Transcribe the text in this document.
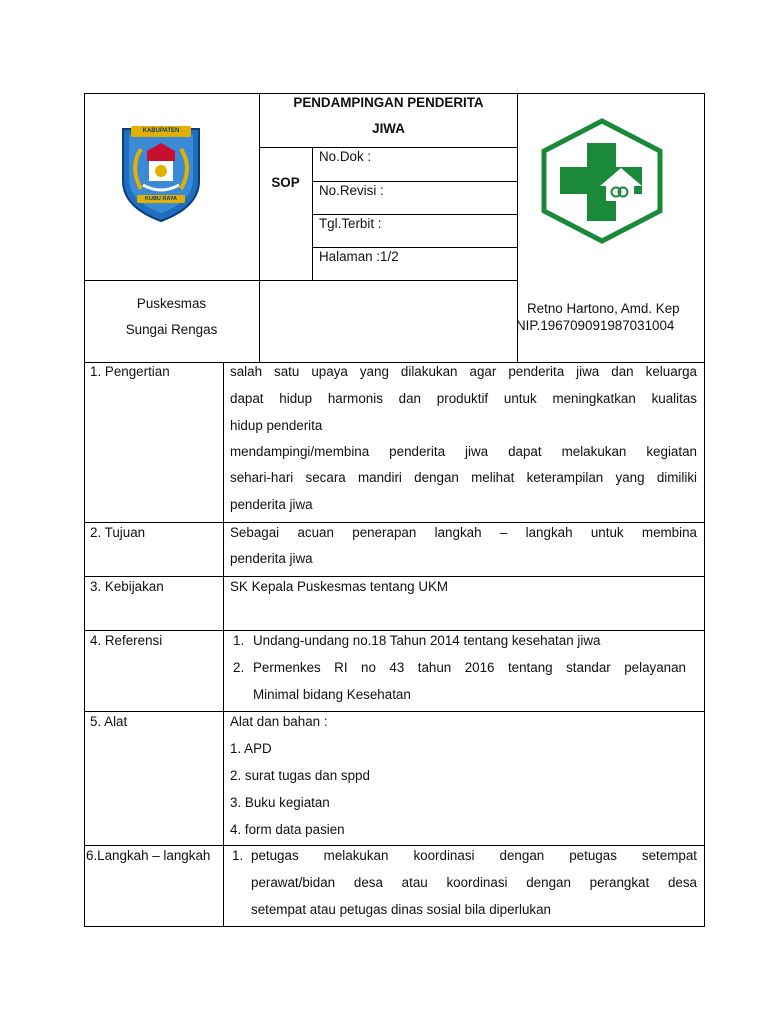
KABUPATEN
KUBU RAYA
PENDAMPINGAN PENDERITA
JIWA
SOP
No.Dok :
No.Revisi :
Tgl.Terbit :
Halaman :1/2
Puskesmas
Sungai Rengas
Retno Hartono, Amd. Kep
NIP.196709091987031004
1. Pengertian	salah satu upaya yang dilakukan agar penderita jiwa dan keluarga
dapat hidup harmonis dan produktif untuk meningkatkan kualitas
hidup penderita
mendampingi/membina penderita jiwa dapat melakukan kegiatan
sehari-hari secara mandiri dengan melihat keterampilan yang dimiliki
penderita jiwa
2. Tujuan	Sebagai acuan penerapan langkah – langkah untuk membina
penderita jiwa
3. Kebijakan	SK Kepala Puskesmas tentang UKM
4. Referensi	1. Undang-undang no.18 Tahun 2014 tentang kesehatan jiwa
2. Permenkes RI no 43 tahun 2016 tentang standar pelayanan
Minimal bidang Kesehatan
5. Alat	Alat dan bahan :
1. APD
2. surat tugas dan sppd
3. Buku kegiatan
4. form data pasien
6.Langkah – langkah 1. petugas melakukan koordinasi dengan petugas setempat
perawat/bidan desa atau koordinasi dengan perangkat desa
setempat atau petugas dinas sosial bila diperlukan
